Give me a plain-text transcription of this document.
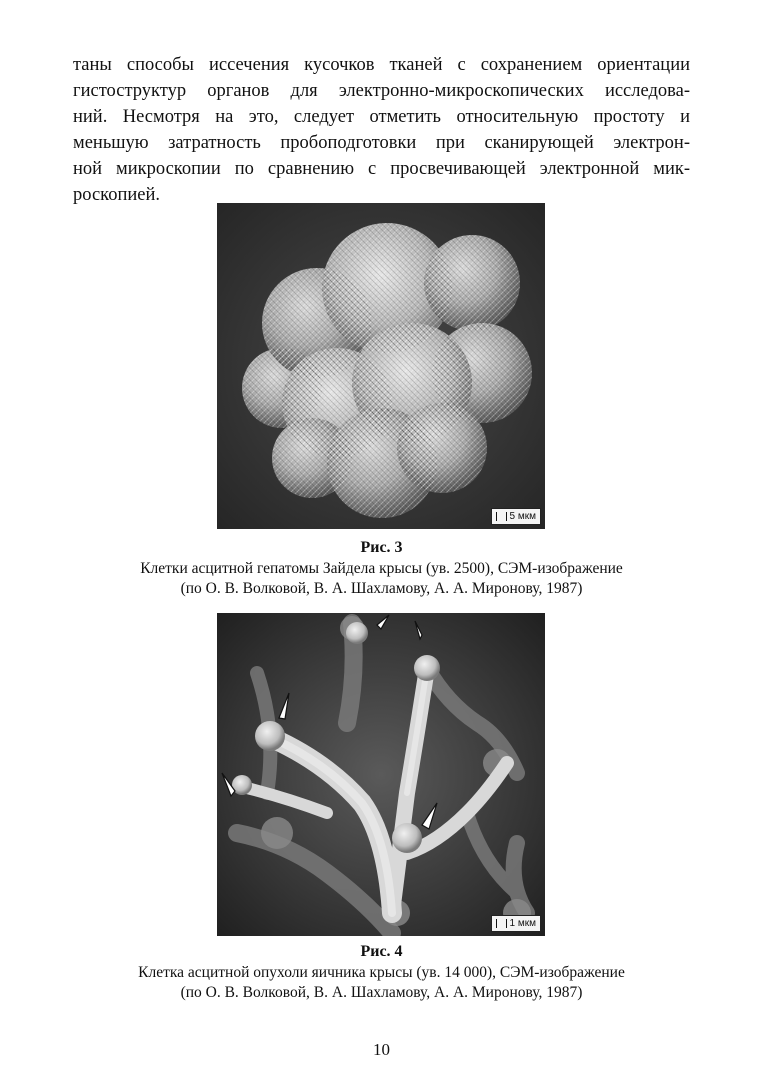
таны способы иссечения кусочков тканей с сохранением ориентации
гистоструктур органов для электронно-микроскопических исследова-
ний. Несмотря на это, следует отметить относительную простоту и
меньшую затратность пробоподготовки при сканирующей электрон-
ной микроскопии по сравнению с просвечивающей электронной мик-
роскопией.

5 мкм
Рис. 3
Клетки асцитной гепатомы Зайдела крысы (ув. 2500), СЭМ-изображение
(по О. В. Волковой, В. А. Шахламову, А. А. Миронову, 1987)
1 мкм
Рис. 4
Клетка асцитной опухоли яичника крысы (ув. 14 000), СЭМ-изображение
(по О. В. Волковой, В. А. Шахламову, А. А. Миронову, 1987)
10
